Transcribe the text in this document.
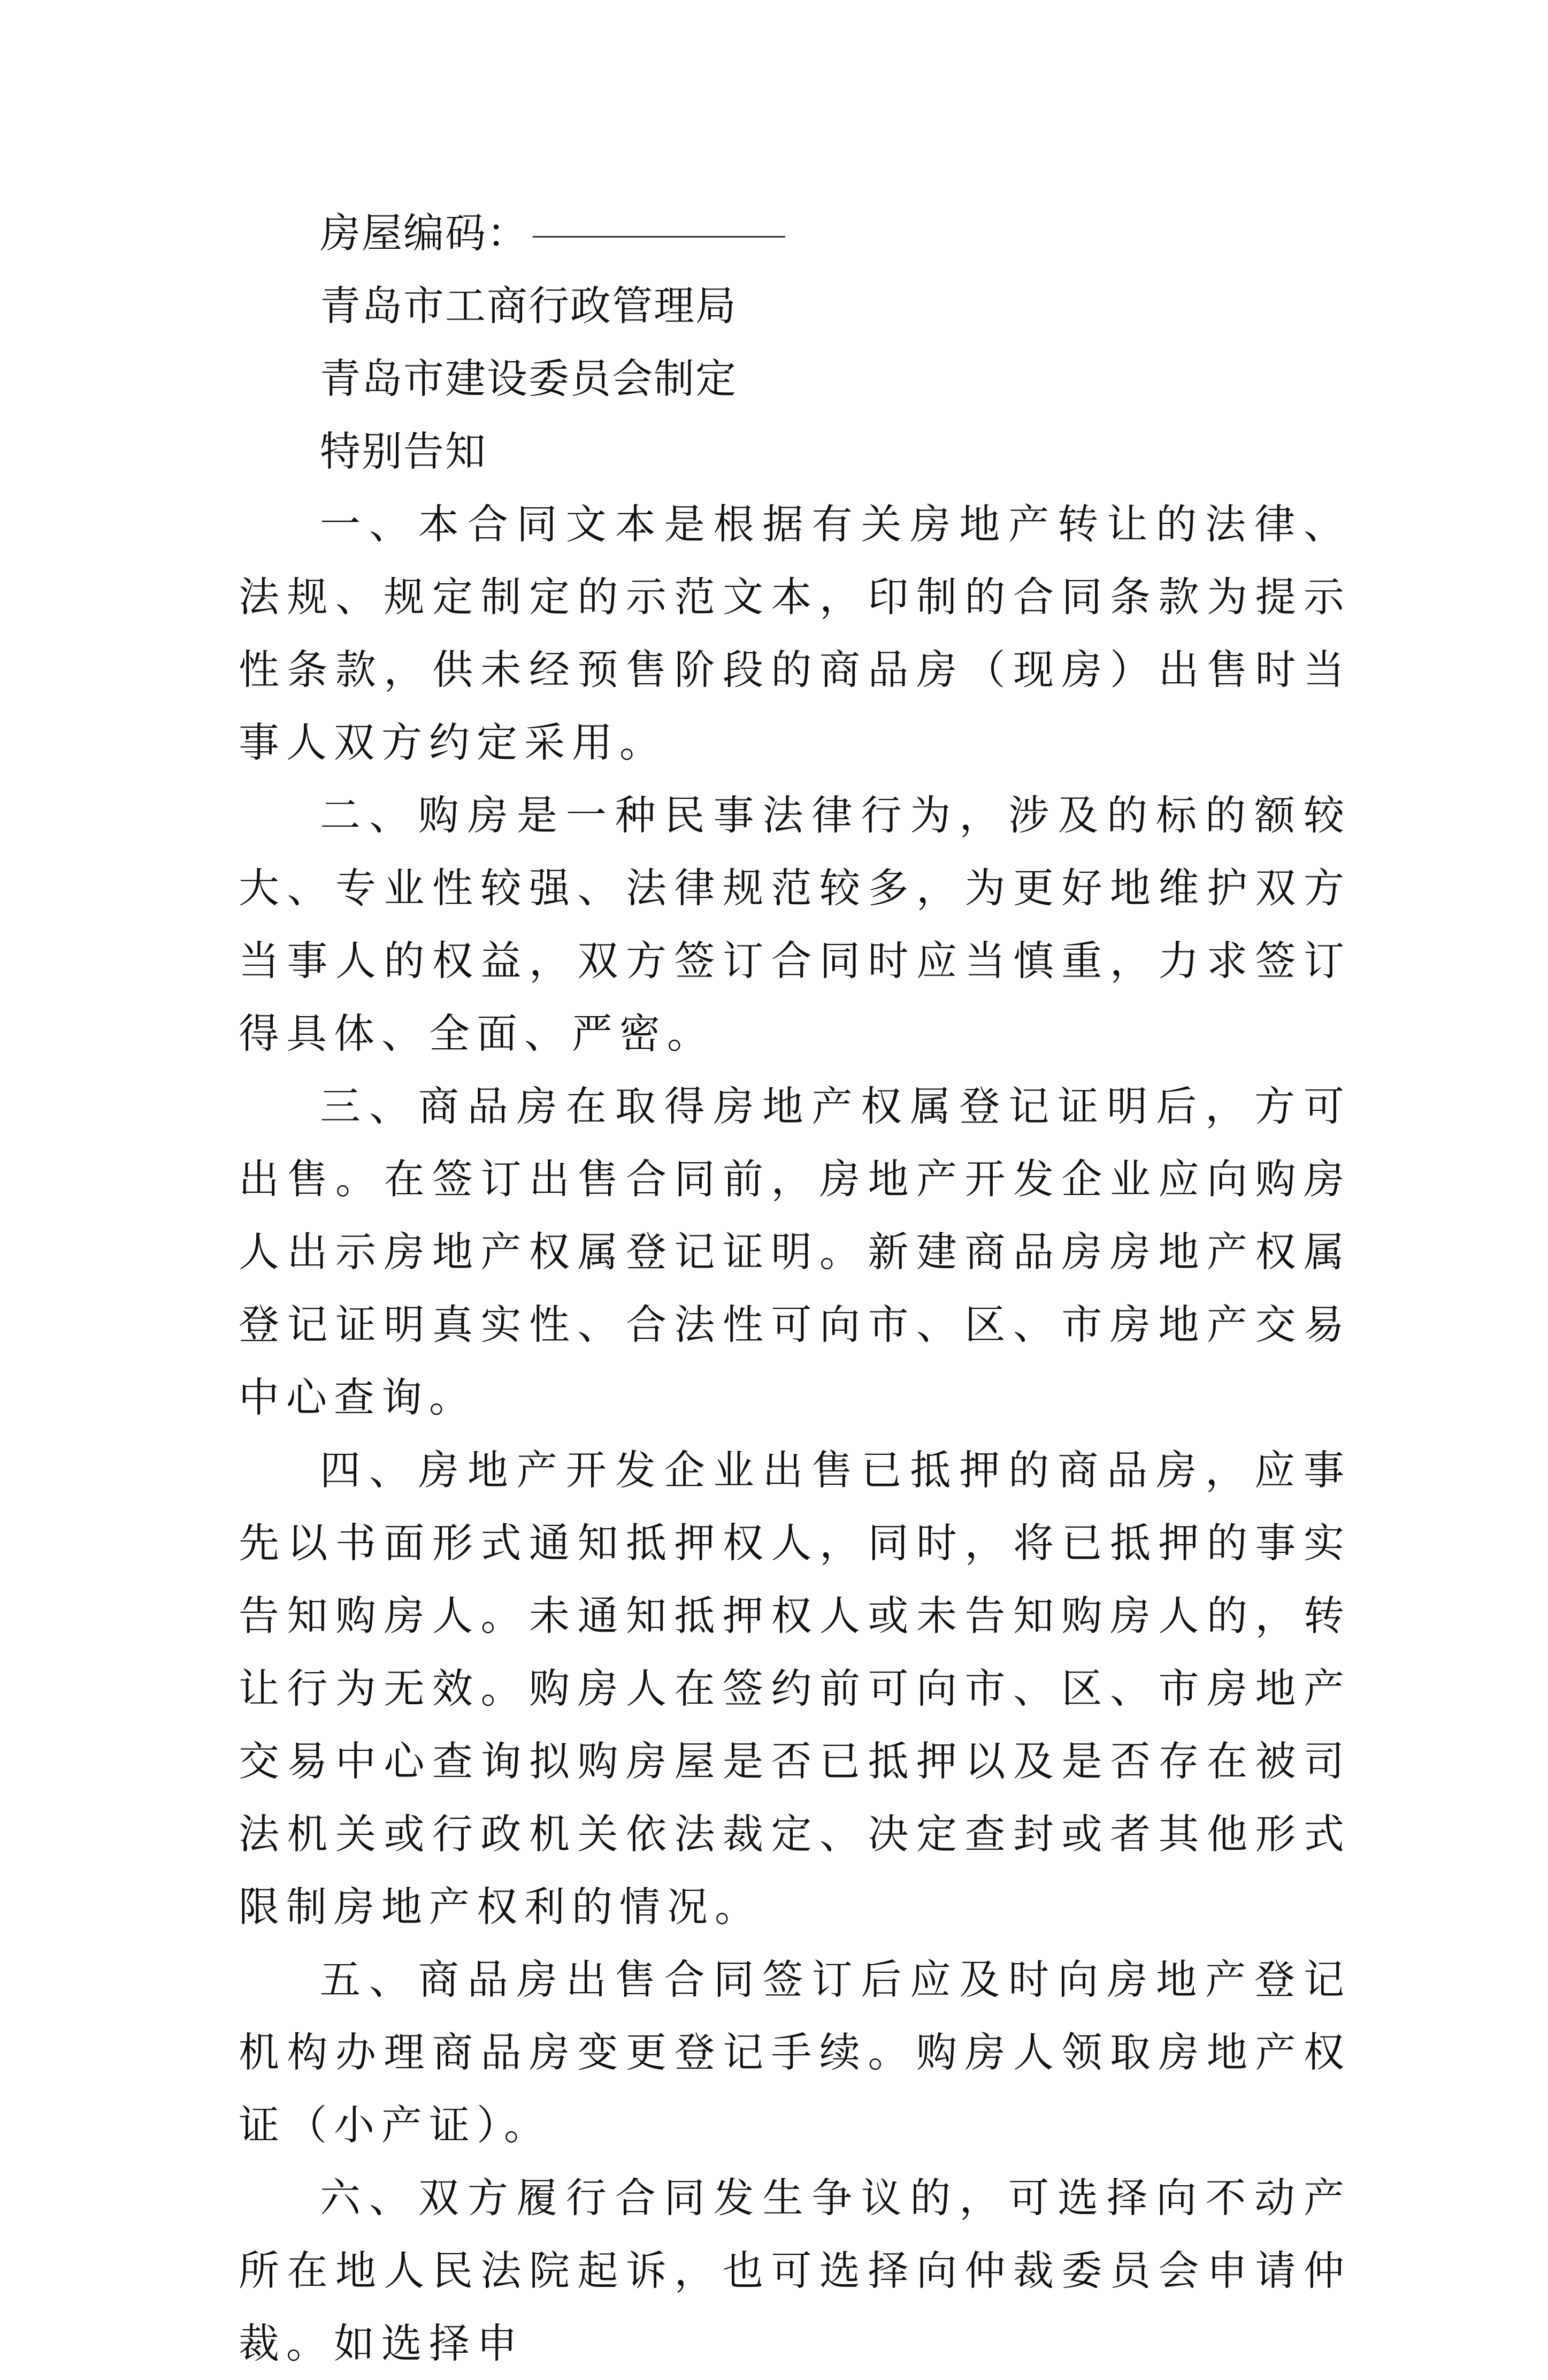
房屋编码：
青岛市工商行政管理局
青岛市建设委员会制定
特别告知

一、本合同文本是根据有关房地产转让的法律、法规、规定制定的示范文本，印制的合同条款为提示性条款，供未经预售阶段的商品房（现房）出售时当事人双方约定采用。

二、购房是一种民事法律行为，涉及的标的额较大、专业性较强、法律规范较多，为更好地维护双方当事人的权益，双方签订合同时应当慎重，力求签订得具体、全面、严密。

三、商品房在取得房地产权属登记证明后，方可出售。在签订出售合同前，房地产开发企业应向购房人出示房地产权属登记证明。新建商品房房地产权属登记证明真实性、合法性可向市、区、市房地产交易中心查询。

四、房地产开发企业出售已抵押的商品房，应事先以书面形式通知抵押权人，同时，将已抵押的事实告知购房人。未通知抵押权人或未告知购房人的，转让行为无效。购房人在签约前可向市、区、市房地产交易中心查询拟购房屋是否已抵押以及是否存在被司法机关或行政机关依法裁定、决定查封或者其他形式限制房地产权利的情况。

五、商品房出售合同签订后应及时向房地产登记机构办理商品房变更登记手续。购房人领取房地产权证（小产证）。

六、双方履行合同发生争议的，可选择向不动产所在地人民法院起诉，也可选择向仲裁委员会申请仲裁。如选择申
